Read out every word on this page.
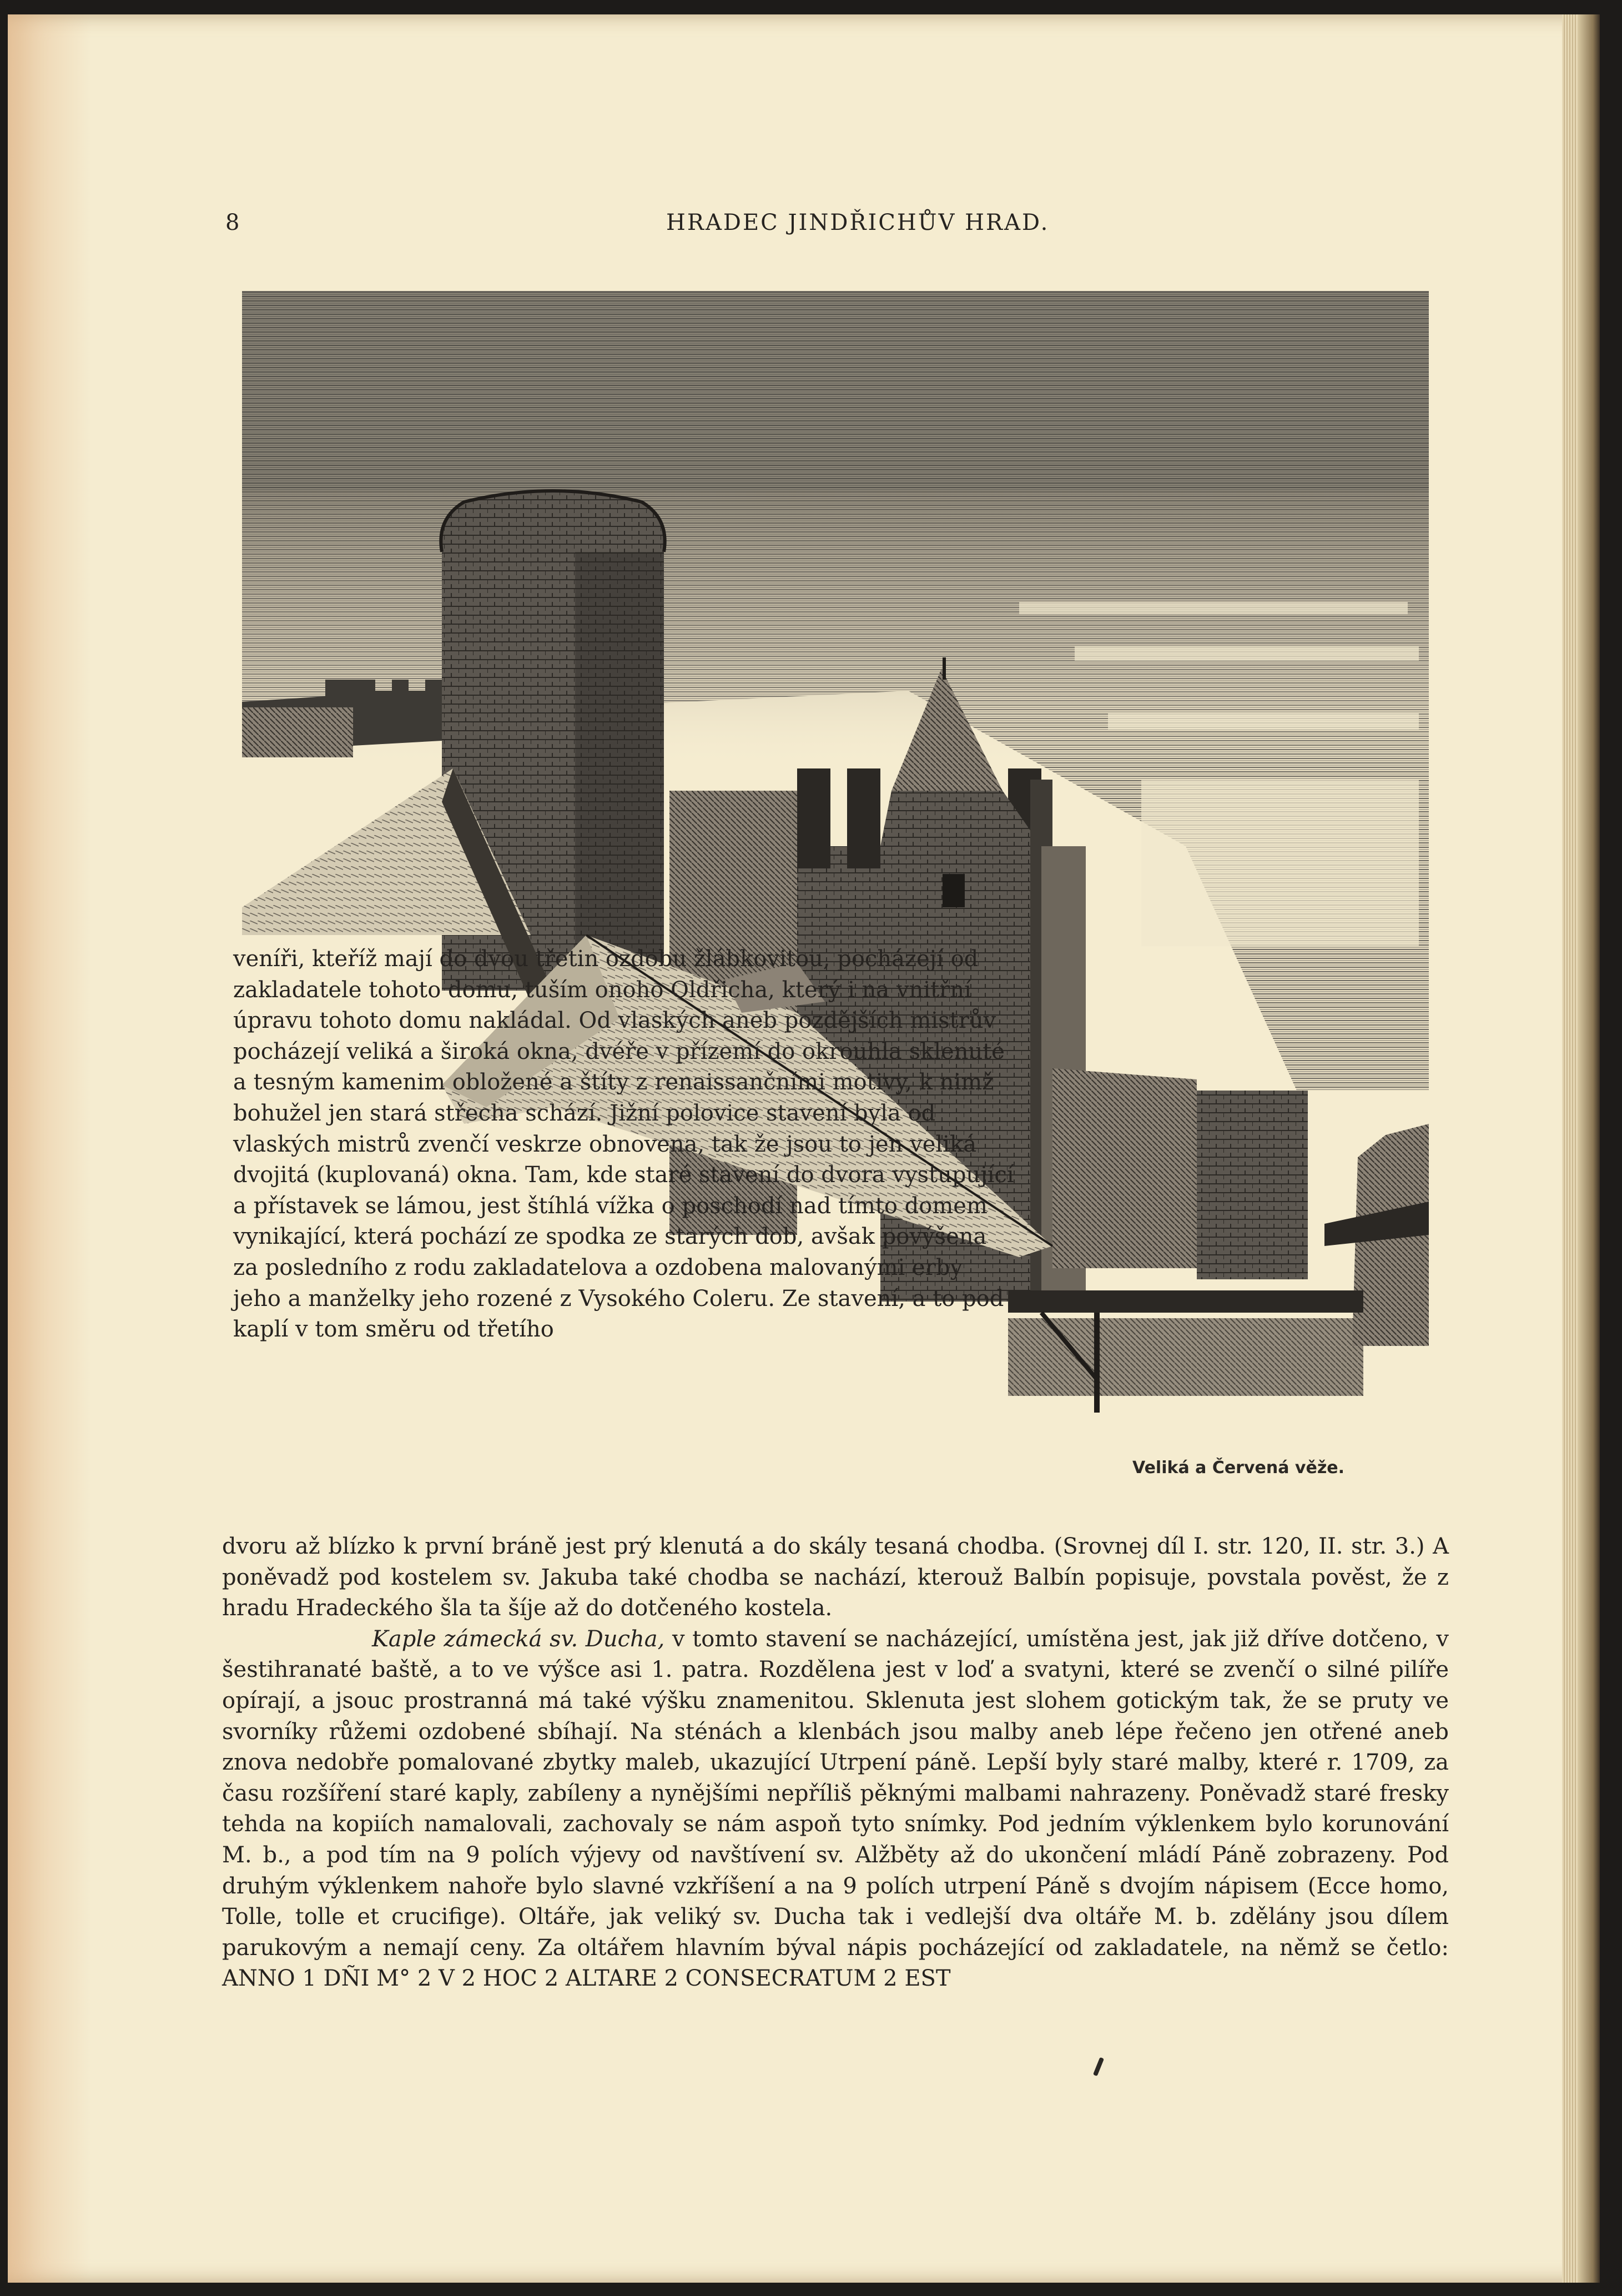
8	HRADEC JINDŘICHŮV HRAD.
veníři, kteříž mají do dvou třetin ozdobu žlábkovitou, pocházejí od zakladatele tohoto domu, tuším onoho Oldřicha, který i na vnitřní úpravu tohoto domu nakládal. Od vlaských aneb pozdějších mistrův pocházejí veliká a široká okna, dvéře v přízemí do okrouhla sklenuté a tesným kamenim obložené a štíty z renaissančními motivy, k nimž bohužel jen stará střecha schází. Jižní polovice stavení byla od vlaských mistrů zvenčí veskrze obnovena, tak že jsou to jen veliká dvojitá (kuplovaná) okna. Tam, kde staré stavení do dvora vystupující a přístavek se lámou, jest štíhlá vížka o poschodí nad tímto domem vynikající, která pochází ze spodka ze starých dob, avšak povýšena za posledního z rodu zakladatelova a ozdobena malovanými erby jeho a manželky jeho rozené z Vysokého Coleru. Ze stavení, a to pod kaplí v tom směru od třetího
Veliká a Červená věže.

dvoru až blízko k první bráně jest prý klenutá a do skály tesaná chodba. (Srovnej díl I. str. 120, II. str. 3.) A poněvadž pod kostelem sv. Jakuba také chodba se nachází, kterouž Balbín popisuje, povstala pověst, že z hradu Hradeckého šla ta šíje až do dotčeného kostela.

Kaple zámecká sv. Ducha, v tomto stavení se nacházející, umístěna jest, jak již dříve dotčeno, v šestihranaté baště, a to ve výšce asi 1. patra. Rozdělena jest v loď a svatyni, které se zvenčí o silné pilíře opírají, a jsouc prostranná má také výšku znamenitou. Sklenuta jest slohem gotickým tak, že se pruty ve svorníky růžemi ozdobené sbíhají. Na sténách a klenbách jsou malby aneb lépe řečeno jen otřené aneb znova nedobře pomalované zbytky maleb, ukazující Utrpení páně. Lepší byly staré malby, které r. 1709, za času rozšíření staré kaply, zabíleny a nynějšími nepříliš pěknými malbami nahrazeny. Poněvadž staré fresky tehda na kopiích namalovali, zachovaly se nám aspoň tyto snímky. Pod jedním výklenkem bylo korunování M. b., a pod tím na 9 polích výjevy od navštívení sv. Alžběty až do ukončení mládí Páně zobrazeny. Pod druhým výklenkem nahoře bylo slavné vzkříšení a na 9 polích utrpení Páně s dvojím nápisem (Ecce homo, Tolle, tolle et crucifige). Oltáře, jak veliký sv. Ducha tak i vedlejší dva oltáře M. b. zdělány jsou dílem parukovým a nemají ceny. Za oltářem hlavním býval nápis pocházející od zakladatele, na němž se četlo: ANNO 1 DÑI M° 2 V 2 HOC 2 ALTARE 2 CONSECRATUM 2 EST
